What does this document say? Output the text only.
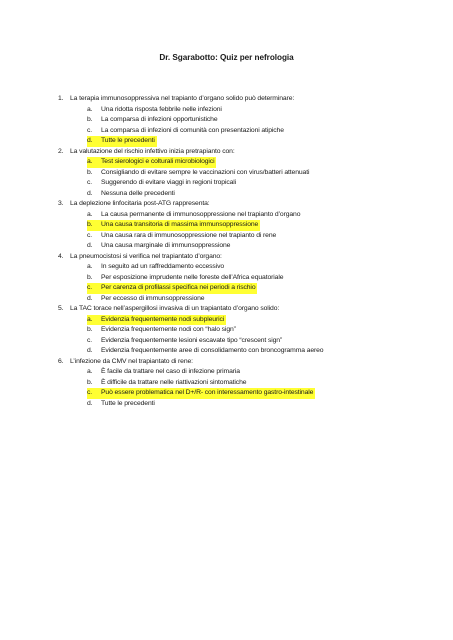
Dr. Sgarabotto: Quiz per nefrologia
1. La terapia immunosoppressiva nel trapianto d’organo solido può determinare:
a. Una ridotta risposta febbrile nelle infezioni
b. La comparsa di infezioni opportunistiche
c. La comparsa di infezioni di comunità con presentazioni atipiche
d.	Tutte le precedenti
2. La valutazione del rischio infettivo inizia pretrapianto con:
a.	Test sierologici e colturali microbiologici
b. Consigliando di evitare sempre le vaccinazioni con virus/batteri attenuati
c. Suggerendo di evitare viaggi in regioni tropicali
d. Nessuna delle precedenti
3. La deplezione linfocitaria post-ATG rappresenta:
a. La causa permanente di immunosoppressione nel trapianto d’organo
b.	Una causa transitoria di massima immunsoppressione
c. Una causa rara di immunosoppressione nel trapianto di rene
d. Una causa marginale di immunsoppressione
4. La pneumocistosi si verifica nel trapiantato d’organo:
a. In seguito ad un raffreddamento eccessivo
b. Per esposizione imprudente nelle foreste dell’Africa equatoriale
c.	Per carenza di profilassi specifica nei periodi a rischio
d. Per eccesso di immunsoppressione
5. La TAC torace nell’aspergillosi invasiva di un trapiantato d’organo solido:
a.	Evidenzia frequentemente nodi subpleurici
b. Evidenzia frequentemente nodi con “halo sign”
c. Evidenzia frequentemente lesioni escavate tipo “crescent sign”
d. Evidenzia frequentemente aree di consolidamento con broncogramma aereo
6. L’infezione da CMV nel trapiantato di rene:
a. È facile da trattare nel caso di infezione primaria
b. È difficile da trattare nelle riattivazioni sintomatiche
c.	Può essere problematica nel D+/R- con interessamento gastro-intestinale
d. Tutte le precedenti
